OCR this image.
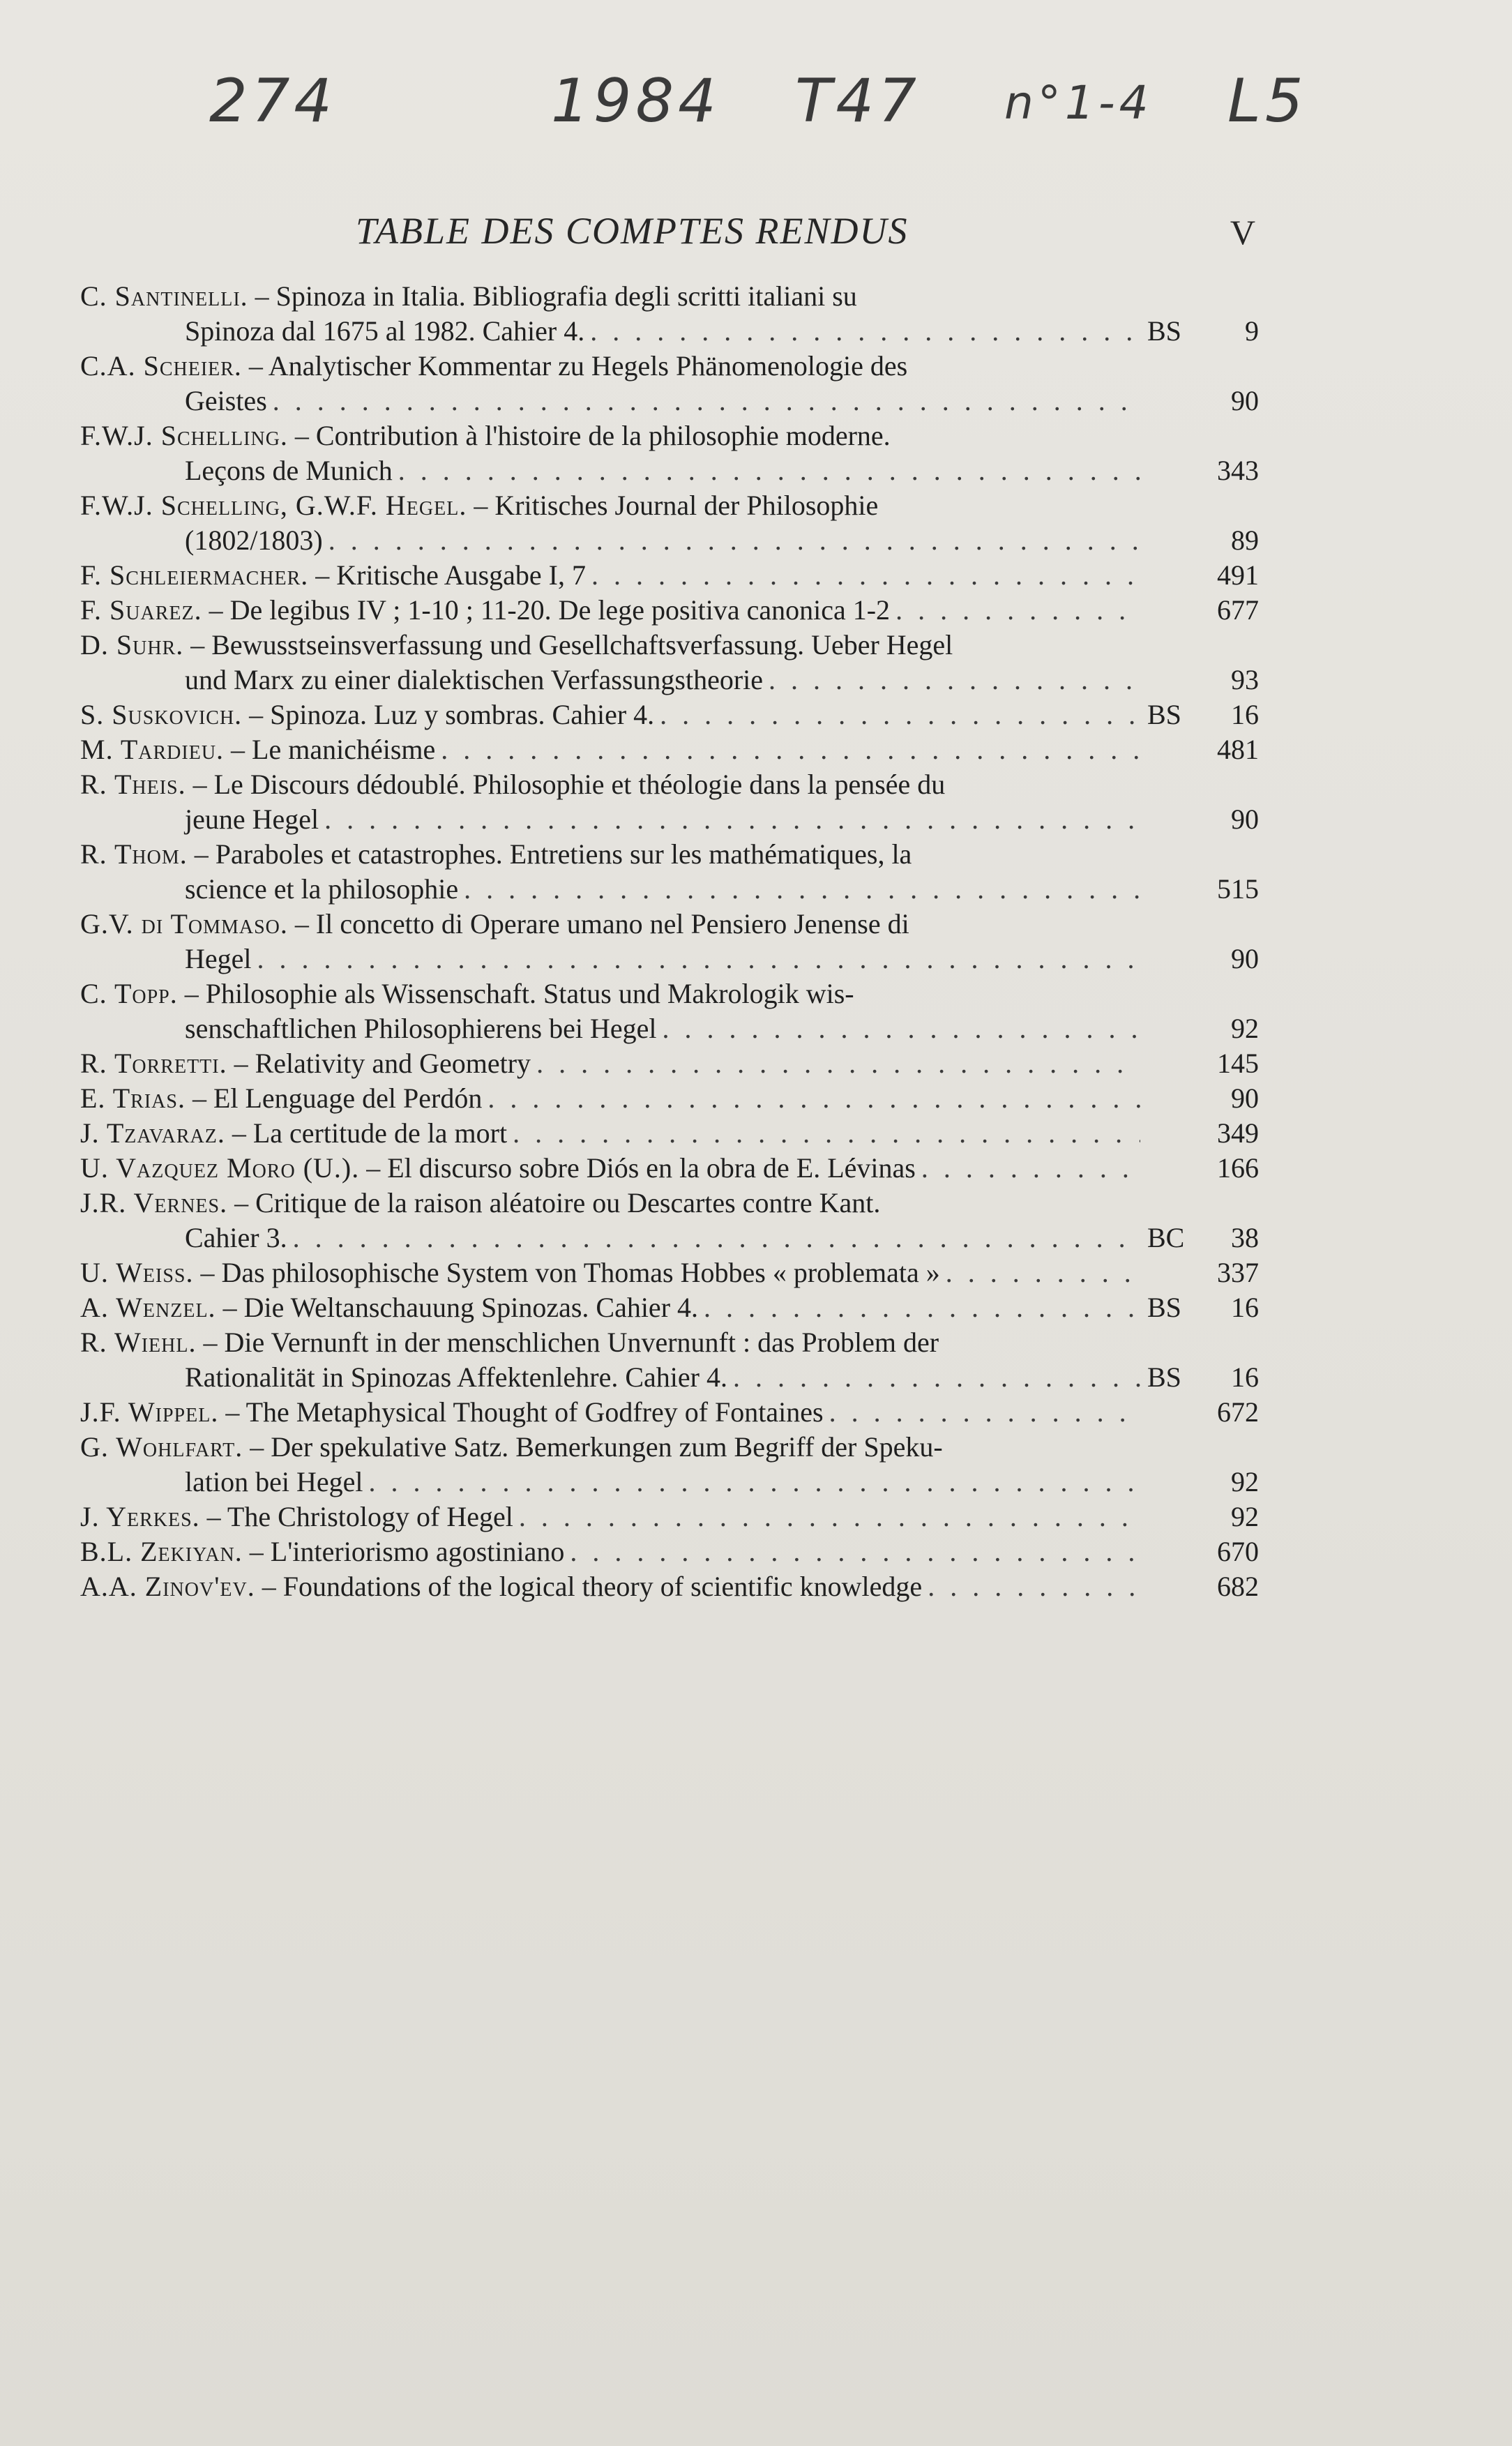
274	1984 T47 n°1-4 L5
TABLE DES COMPTES RENDUS	V
C. Santinelli. – Spinoza in Italia. Bibliografia degli scritti italiani su
Spinoza dal 1675 al 1982. Cahier 4. . . .	BS 9
C.A. Scheier. – Analytischer Kommentar zu Hegels Phänomenologie des
Geistes . . .	90
F.W.J. Schelling. – Contribution à l'histoire de la philosophie moderne.
Leçons de Munich . . .	343
F.W.J. Schelling, G.W.F. Hegel. – Kritisches Journal der Philosophie
(1802/1803) . . .	89
F. Schleiermacher. – Kritische Ausgabe I, 7 . . .	491
F. Suarez. – De legibus IV ; 1-10 ; 11-20. De lege positiva canonica 1-2 . . .	677
D. Suhr. – Bewusstseinsverfassung und Gesellchaftsverfassung. Ueber Hegel
und Marx zu einer dialektischen Verfassungstheorie . . .	93
S. Suskovich. – Spinoza. Luz y sombras. Cahier 4. . . .	BS 16
M. Tardieu. – Le manichéisme . . .	481
R. Theis. – Le Discours dédoublé. Philosophie et théologie dans la pensée du
jeune Hegel . . .	90
R. Thom. – Paraboles et catastrophes. Entretiens sur les mathématiques, la
science et la philosophie . . .	515
G.V. di Tommaso. – Il concetto di Operare umano nel Pensiero Jenense di
Hegel . . .	90
C. Topp. – Philosophie als Wissenschaft. Status und Makrologik wis-
senschaftlichen Philosophierens bei Hegel . . .	92
R. Torretti. – Relativity and Geometry . . .	145
E. Trias. – El Lenguage del Perdón . . .	90
J. Tzavaraz. – La certitude de la mort . . .	349
U. Vazquez Moro (U.). – El discurso sobre Diós en la obra de E. Lévinas . . .	166
J.R. Vernes. – Critique de la raison aléatoire ou Descartes contre Kant.
Cahier 3. . . .	BC 38
U. Weiss. – Das philosophische System von Thomas Hobbes « problemata » . . .	337
A. Wenzel. – Die Weltanschauung Spinozas. Cahier 4. . . .	BS 16
R. Wiehl. – Die Vernunft in der menschlichen Unvernunft : das Problem der
Rationalität in Spinozas Affektenlehre. Cahier 4. . . .	BS 16
J.F. Wippel. – The Metaphysical Thought of Godfrey of Fontaines . . .	672
G. Wohlfart. – Der spekulative Satz. Bemerkungen zum Begriff der Speku-
lation bei Hegel . . .	92
J. Yerkes. – The Christology of Hegel . . .	92
B.L. Zekiyan. – L'interiorismo agostiniano . . .	670
A.A. Zinov'ev. – Foundations of the logical theory of scientific knowledge . . .	682
